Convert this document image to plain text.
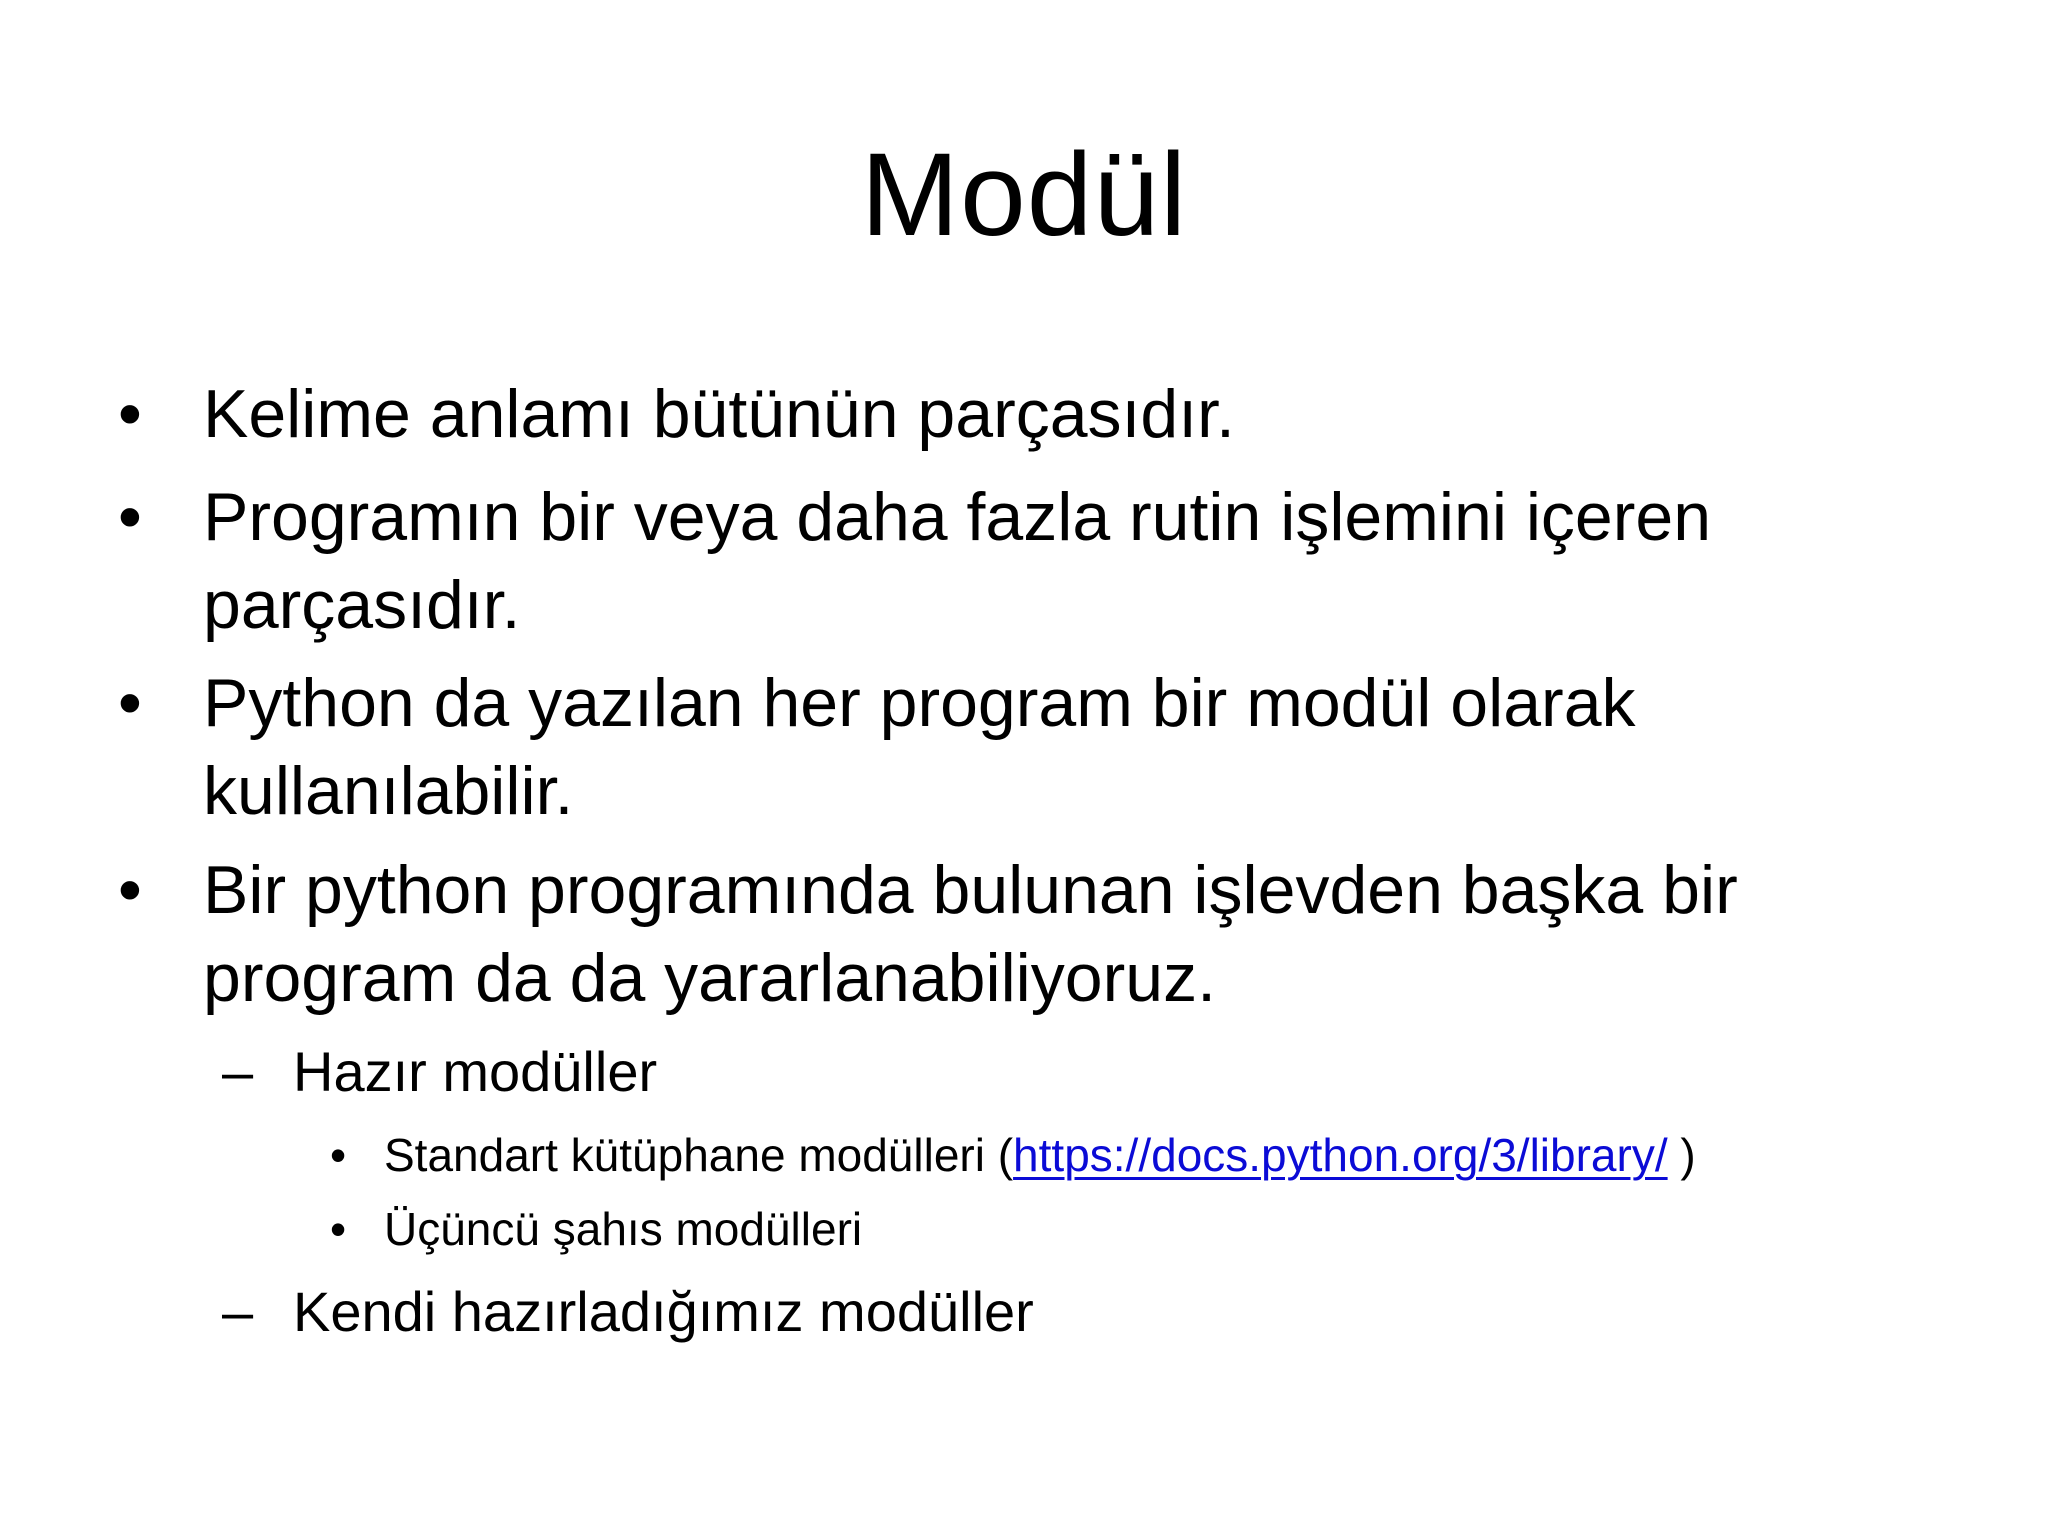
Modül
• Kelime anlamı bütünün parçasıdır.
• Programın bir veya daha fazla rutin işlemini içeren
parçasıdır.
• Python da yazılan her program bir modül olarak
kullanılabilir.
• Bir python programında bulunan işlevden başka bir
program da da yararlanabiliyoruz.
– Hazır modüller
• Standart kütüphane modülleri (https://docs.python.org/3/library/ )
• Üçüncü şahıs modülleri
– Kendi hazırladığımız modüller
